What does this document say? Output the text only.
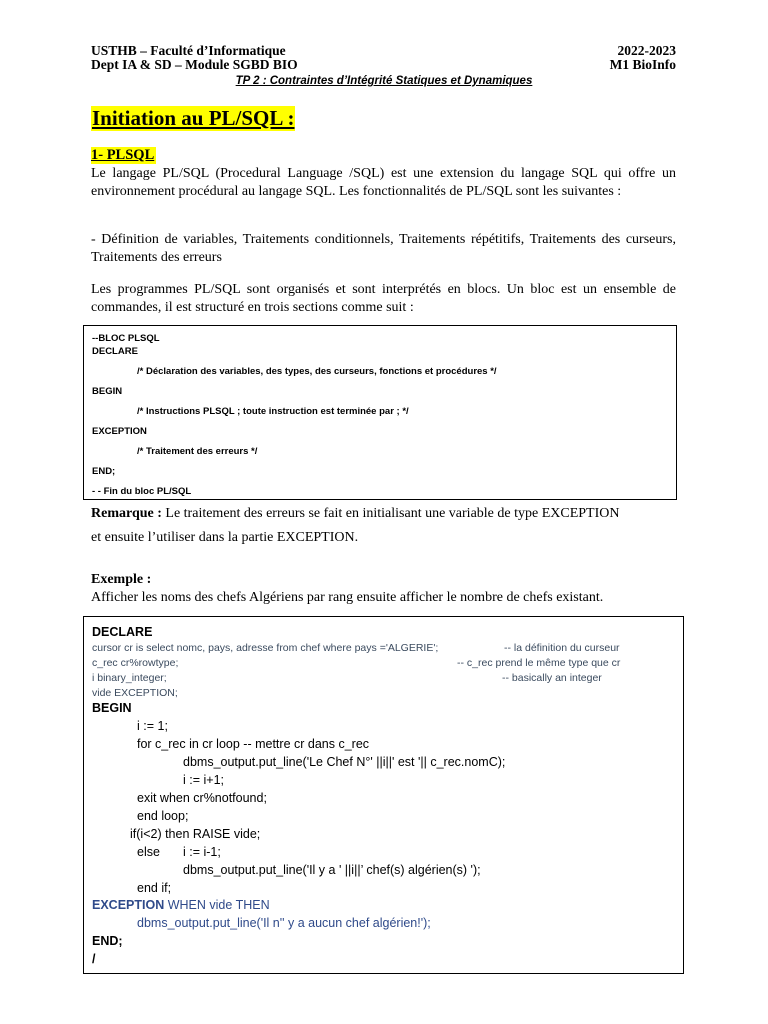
USTHB – Faculté d’Informatique
Dept IA & SD – Module SGBD BIO
2022-2023
M1 BioInfo
TP 2 : Contraintes d’Intégrité Statiques et Dynamiques
Initiation au PL/SQL :
1- PLSQL
Le langage PL/SQL (Procedural Language /SQL) est une extension du langage SQL qui offre un environnement procédural au langage SQL. Les fonctionnalités de PL/SQL sont les suivantes :
- Définition de variables, Traitements conditionnels, Traitements répétitifs, Traitements des curseurs, Traitements des erreurs
Les programmes PL/SQL sont organisés et sont interprétés en blocs. Un bloc est un ensemble de commandes, il est structuré en trois sections comme suit :
--BLOC PLSQL
DECLARE
/* Déclaration des variables, des types, des curseurs, fonctions et procédures */
BEGIN
/* Instructions PLSQL ; toute instruction est terminée par ; */
EXCEPTION
/* Traitement des erreurs */
END;
- - Fin du bloc PL/SQL
Remarque : Le traitement des erreurs se fait en initialisant une variable de type EXCEPTION
et ensuite l’utiliser dans la partie EXCEPTION.
Exemple :
Afficher les noms des chefs Algériens par rang ensuite afficher le nombre de chefs existant.
DECLARE
cursor cr is select nomc, pays, adresse from chef where pays ='ALGERIE';	-- la définition du curseur
c_rec cr%rowtype;	-- c_rec prend le même type que cr
i binary_integer;	-- basically an integer
vide EXCEPTION;
BEGIN
i := 1;
for c_rec in cr loop -- mettre cr dans c_rec
dbms_output.put_line('Le Chef N°' ||i||' est '|| c_rec.nomC);
i := i+1;
exit when cr%notfound;
end loop;
if(i<2) then RAISE vide;
else i := i-1;
dbms_output.put_line('Il y a ' ||i||’ chef(s) algérien(s) ');
end if;
EXCEPTION WHEN vide THEN
dbms_output.put_line('Il n'' y a aucun chef algérien!');
END;
/
